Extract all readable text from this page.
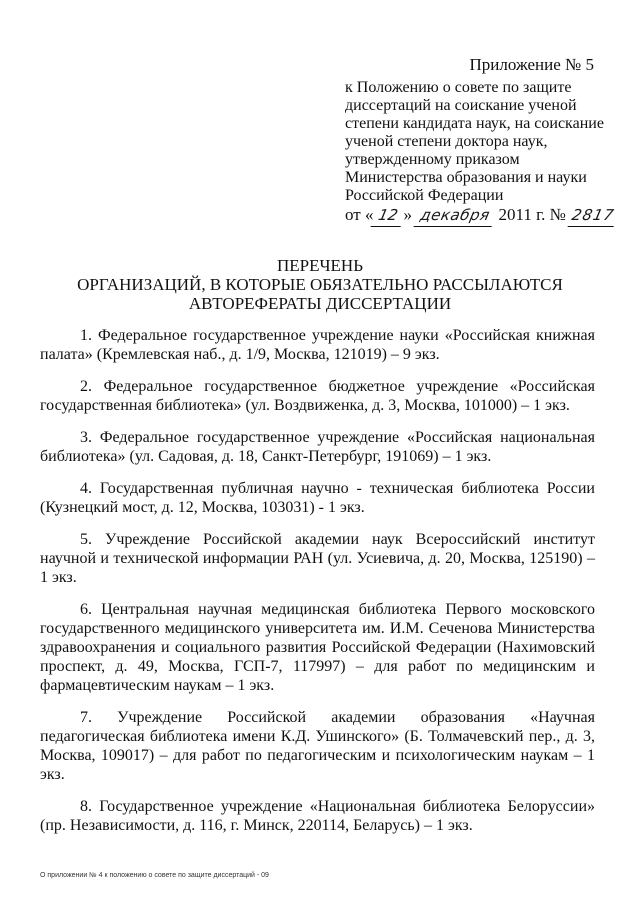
Приложение № 5
к Положению о совете по защите
диссертаций на соискание ученой
степени кандидата наук, на соискание
ученой степени доктора наук,
утвержденному приказом
Министерства образования и науки
Российской Федерации
от « 12 » декабря 2011 г. № 2817
ПЕРЕЧЕНЬ
ОРГАНИЗАЦИЙ, В КОТОРЫЕ ОБЯЗАТЕЛЬНО РАССЫЛАЮТСЯ
АВТОРЕФЕРАТЫ ДИССЕРТАЦИИ

1. Федеральное государственное учреждение науки «Российская книжная палата» (Кремлевская наб., д. 1/9, Москва, 121019) – 9 экз.

2. Федеральное государственное бюджетное учреждение «Российская государственная библиотека» (ул. Воздвиженка, д. 3, Москва, 101000) – 1 экз.

3. Федеральное государственное учреждение «Российская национальная библиотека» (ул. Садовая, д. 18, Санкт-Петербург, 191069) – 1 экз.

4. Государственная публичная научно - техническая библиотека России (Кузнецкий мост, д. 12, Москва, 103031) - 1 экз.

5. Учреждение Российской академии наук Всероссийский институт научной и технической информации РАН (ул. Усиевича, д. 20, Москва, 125190) – 1 экз.

6. Центральная научная медицинская библиотека Первого московского государственного медицинского университета им. И.М. Сеченова Министерства здравоохранения и социального развития Российской Федерации (Нахимовский проспект, д. 49, Москва, ГСП-7, 117997) – для работ по медицинским и фармацевтическим наукам – 1 экз.

7. Учреждение Российской академии образования «Научная педагогическая библиотека имени К.Д. Ушинского» (Б. Толмачевский пер., д. 3, Москва, 109017) – для работ по педагогическим и психологическим наукам – 1 экз.

8. Государственное учреждение «Национальная библиотека Белоруссии» (пр. Независимости, д. 116, г. Минск, 220114, Беларусь) – 1 экз.

О приложении № 4 к положению о совете по защите диссертаций - 09
